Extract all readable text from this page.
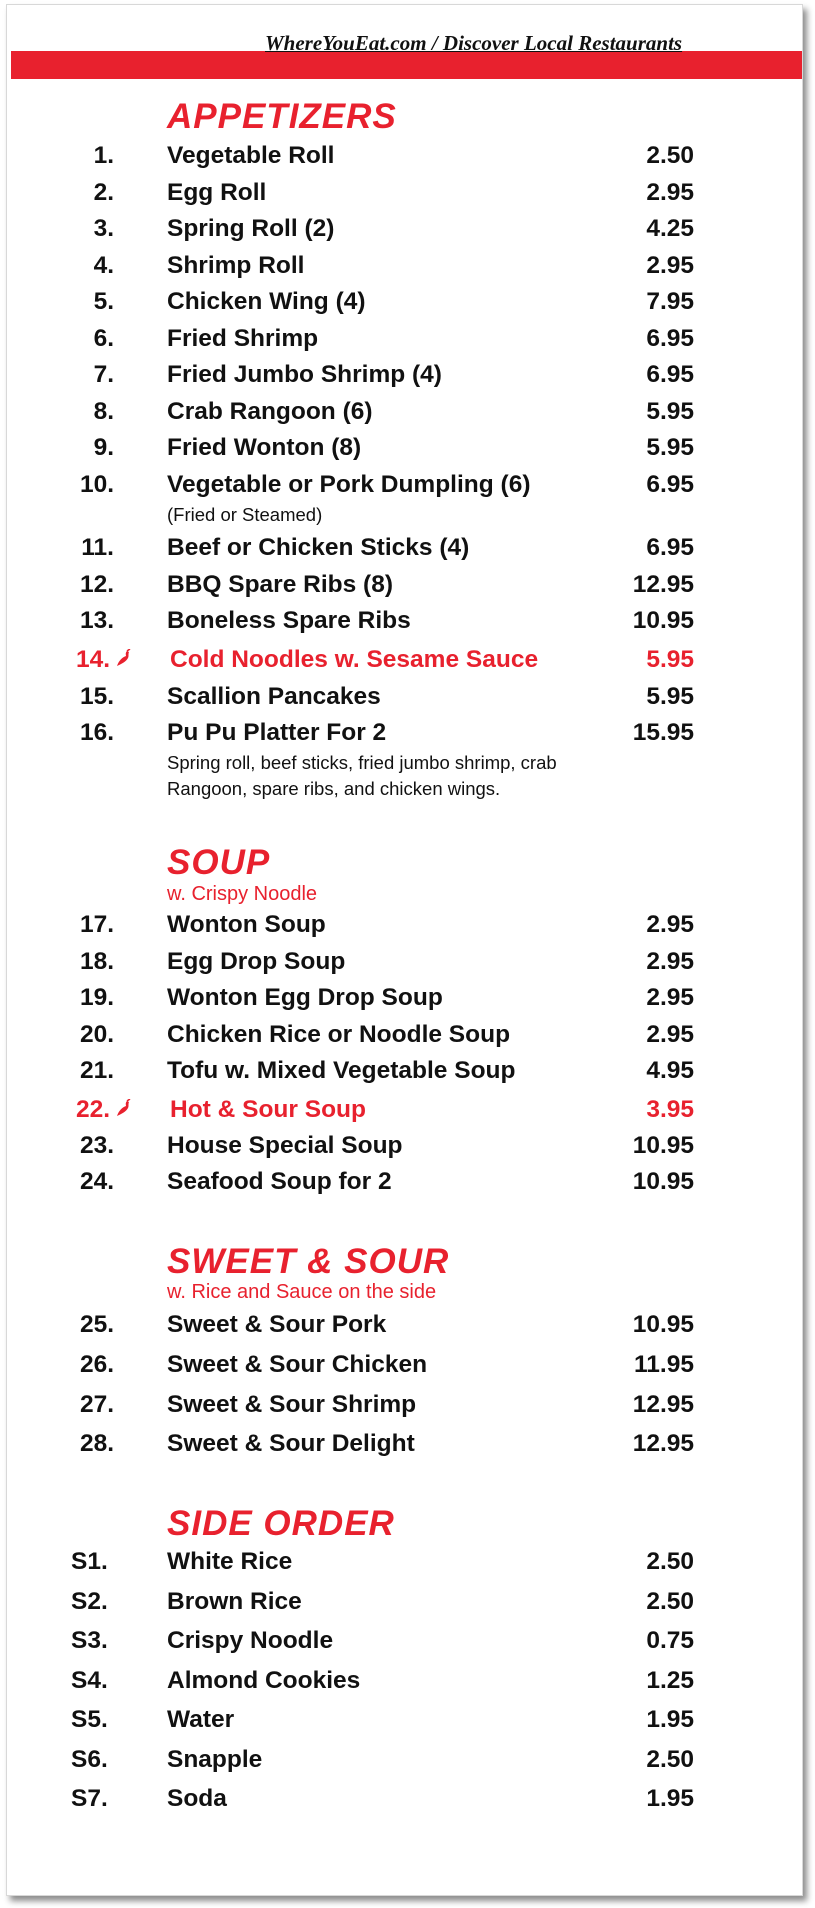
WhereYouEat.com / Discover Local Restaurants
APPETIZERS
1. Vegetable Roll	2.50
2. Egg Roll	2.95
3. Spring Roll (2)	4.25
4. Shrimp Roll	2.95
5. Chicken Wing (4)	7.95
6. Fried Shrimp	6.95
7. Fried Jumbo Shrimp (4)	6.95
8. Crab Rangoon (6)	5.95
9. Fried Wonton (8)	5.95
10. Vegetable or Pork Dumpling (6)	6.95
(Fried or Steamed)
11. Beef or Chicken Sticks (4)	6.95
12. BBQ Spare Ribs (8)	12.95
13. Boneless Spare Ribs	10.95
14.	Cold Noodles w. Sesame Sauce	5.95
15. Scallion Pancakes	5.95
16. Pu Pu Platter For 2	15.95
Spring roll, beef sticks, fried jumbo shrimp, crab
Rangoon, spare ribs, and chicken wings.
SOUP
w. Crispy Noodle
17. Wonton Soup	2.95
18. Egg Drop Soup	2.95
19. Wonton Egg Drop Soup	2.95
20. Chicken Rice or Noodle Soup	2.95
21. Tofu w. Mixed Vegetable Soup	4.95
22.	Hot & Sour Soup	3.95
23. House Special Soup	10.95
24. Seafood Soup for 2	10.95
SWEET & SOUR
w. Rice and Sauce on the side
25. Sweet & Sour Pork	10.95
26. Sweet & Sour Chicken	11.95
27. Sweet & Sour Shrimp	12.95
28. Sweet & Sour Delight	12.95
SIDE ORDER
S1. White Rice	2.50
S2. Brown Rice	2.50
S3. Crispy Noodle	0.75
S4. Almond Cookies	1.25
S5. Water	1.95
S6. Snapple	2.50
S7. Soda	1.95
